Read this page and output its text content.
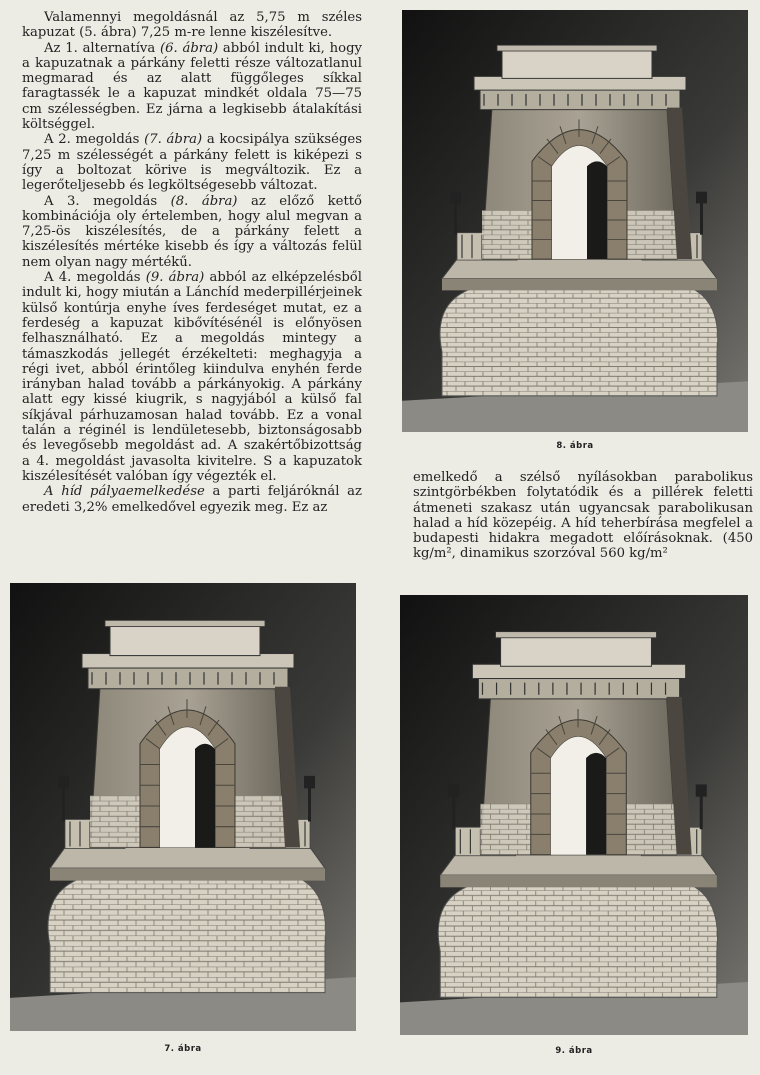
Valamennyi megoldásnál az 5,75 m széles kapuzat (5. ábra) 7,25 m-re lenne kiszélesítve.

Az 1. alternatíva (6. ábra) abból indult ki, hogy a kapuzatnak a párkány feletti része változatlanul megmarad és az alatt függőleges síkkal faragtassék le a kapuzat mindkét oldala 75—75 cm szélességben. Ez járna a legkisebb átalakítási költséggel.

A 2. megoldás (7. ábra) a kocsipálya szükséges 7,25 m szélességét a párkány felett is kiképezi s így a boltozat körive is megváltozik. Ez a legerőteljesebb és legköltségesebb változat.

A 3. megoldás (8. ábra) az előző kettő kombinációja oly értelemben, hogy alul megvan a 7,25-ös kiszélesítés, de a párkány felett a kiszélesítés mértéke kisebb és így a változás felül nem olyan nagy mértékű.

A 4. megoldás (9. ábra) abból az elképzelésből indult ki, hogy miután a Lánchíd mederpillérjeinek külső kontúrja enyhe íves ferdeséget mutat, ez a ferdeség a kapuzat kibővítésénél is előnyösen felhasználható. Ez a megoldás mintegy a támaszkodás jellegét érzékelteti: meghagyja a régi ivet, abból érintőleg kiindulva enyhén ferde irányban halad tovább a párkányokig. A párkány alatt egy kissé kiugrik, s nagyjából a külső fal síkjával párhuzamosan halad tovább. Ez a vonal talán a réginél is lendületesebb, biztonságosabb és levegősebb megoldást ad. A szakértőbizottság a 4. megoldást javasolta kivitelre. S a kapuzatok kiszélesítését valóban így végezték el.

A híd pályaemelkedése a parti feljáróknál az eredeti 3,2% emelkedővel egyezik meg. Ez az

8. ábra

emelkedő a szélső nyílásokban parabolikus szintgörbékben folytatódik és a pillérek feletti átmeneti szakasz után ugyancsak parabolikusan halad a híd közepéig. A híd teherbírása megfelel a budapesti hidakra megadott előírásoknak. (450 kg/m², dinamikus szorzóval 560 kg/m²

7. ábra	9. ábra
